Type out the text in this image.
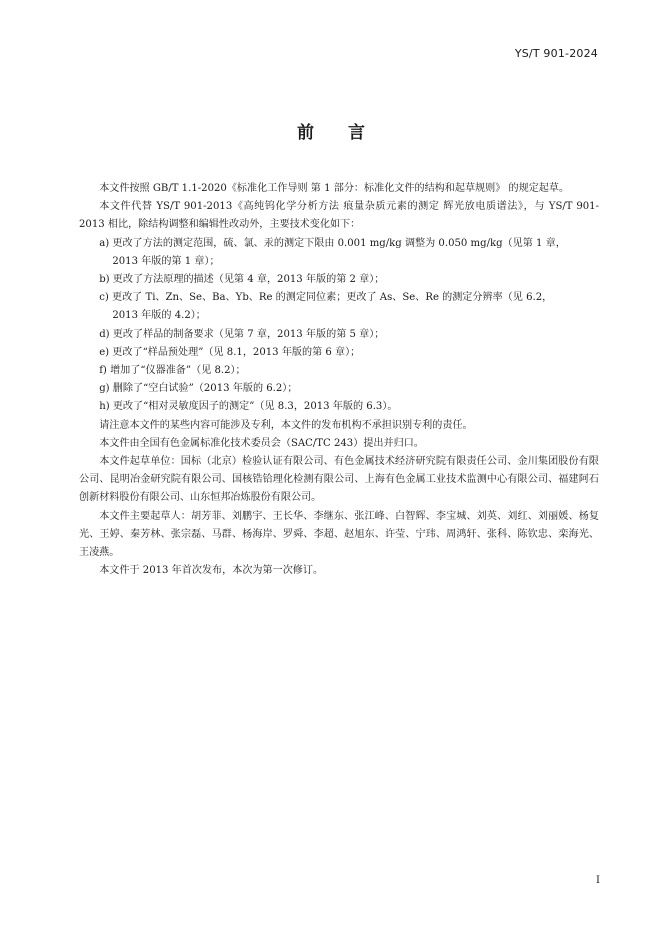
YS/T 901-2024
前 言

本文件按照 GB/T 1.1-2020《标准化工作导则 第 1 部分：标准化文件的结构和起草规则》 的规定起草。

本文件代替 YS/T 901-2013《高纯钨化学分析方法 痕量杂质元素的测定 辉光放电质谱法》，与 YS/T 901-2013 相比，除结构调整和编辑性改动外，主要技术变化如下：

a) 更改了方法的测定范围，硫、氯、汞的测定下限由 0.001 mg/kg 调整为 0.050 mg/kg（见第 1 章，
2013 年版的第 1 章）；
b) 更改了方法原理的描述（见第 4 章，2013 年版的第 2 章）；
c) 更改了 Ti、Zn、Se、Ba、Yb、Re 的测定同位素；更改了 As、Se、Re 的测定分辨率（见 6.2，
2013 年版的 4.2）；
d) 更改了样品的制备要求（见第 7 章，2013 年版的第 5 章）；
e) 更改了“样品预处理”（见 8.1，2013 年版的第 6 章）；
f) 增加了“仪器准备”（见 8.2）；
g) 删除了“空白试验”（2013 年版的 6.2）；
h) 更改了“相对灵敏度因子的测定”（见 8.3，2013 年版的 6.3）。

请注意本文件的某些内容可能涉及专利，本文件的发布机构不承担识别专利的责任。

本文件由全国有色金属标准化技术委员会（SAC/TC 243）提出并归口。

本文件起草单位：国标（北京）检验认证有限公司、有色金属技术经济研究院有限责任公司、金川集团股份有限公司、昆明冶金研究院有限公司、国核锆铪理化检测有限公司、上海有色金属工业技术监测中心有限公司、福建阿石创新材料股份有限公司、山东恒邦冶炼股份有限公司。

本文件主要起草人：胡芳菲、刘鹏宇、王长华、李继东、张江峰、白智辉、李宝城、刘英、刘红、刘丽媛、杨复光、王婷、秦芳林、张宗磊、马群、杨海岸、罗舜、李超、赵旭东、许莹、宁玮、周鸿轩、张科、陈钦忠、栾海光、王凌燕。

本文件于 2013 年首次发布，本次为第一次修订。

I
